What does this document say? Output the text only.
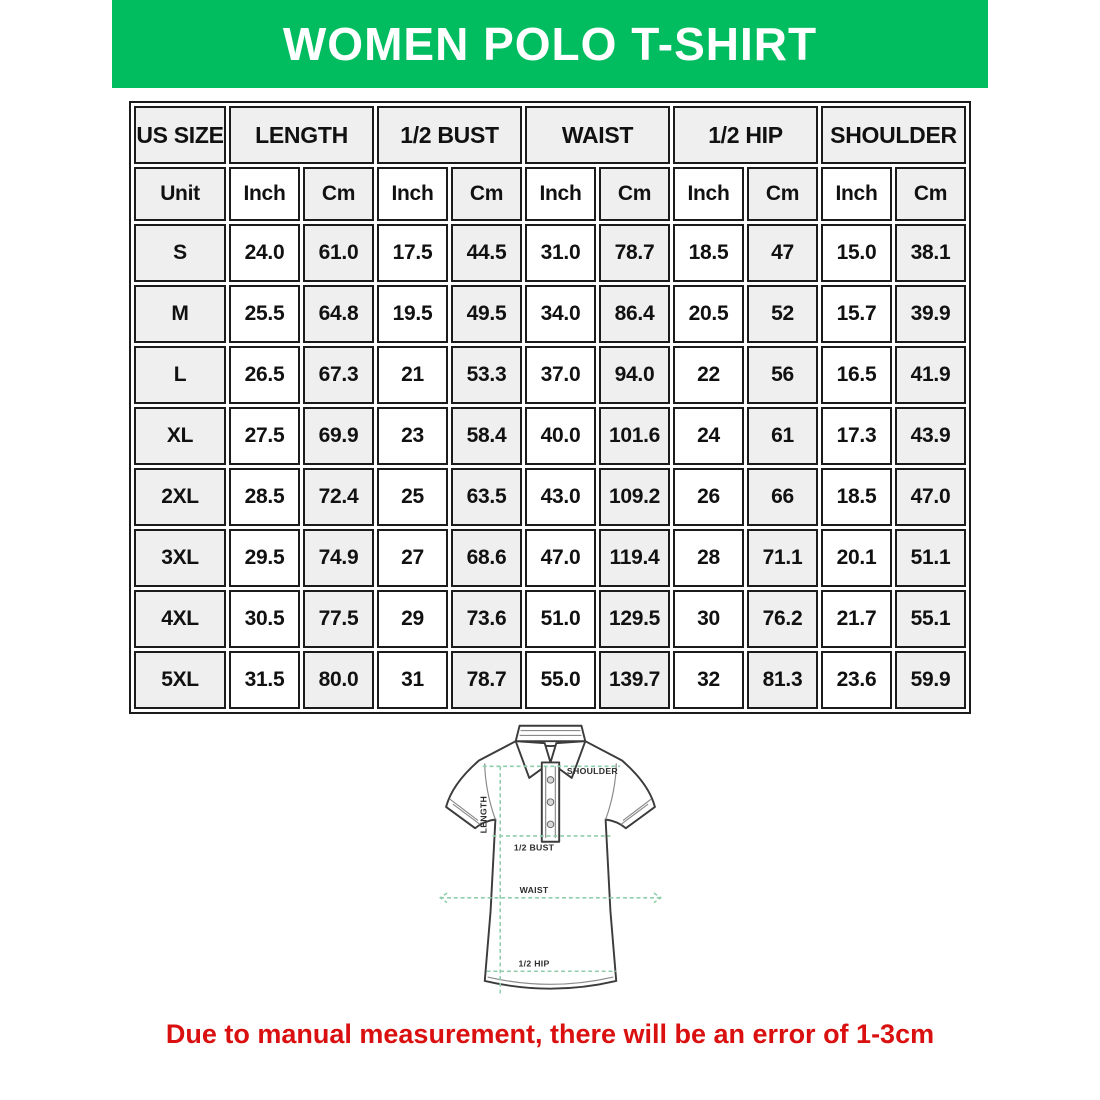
WOMEN POLO T-SHIRT
US SIZE	LENGTH		1/2 BUST		WAIST		1/2 HIP		SHOULDER	
Unit	Inch	Cm	Inch	Cm	Inch	Cm	Inch	Cm	Inch	Cm
S	24.0	61.0	17.5	44.5	31.0	78.7	18.5	47	15.0	38.1
M	25.5	64.8	19.5	49.5	34.0	86.4	20.5	52	15.7	39.9
L	26.5	67.3	21	53.3	37.0	94.0	22	56	16.5	41.9
XL	27.5	69.9	23	58.4	40.0	101.6	24	61	17.3	43.9
2XL	28.5	72.4	25	63.5	43.0	109.2	26	66	18.5	47.0
3XL	29.5	74.9	27	68.6	47.0	119.4	28	71.1	20.1	51.1
4XL	30.5	77.5	29	73.6	51.0	129.5	30	76.2	21.7	55.1
5XL	31.5	80.0	31	78.7	55.0	139.7	32	81.3	23.6	59.9
SHOULDER
LENGTH
1/2 BUST
WAIST
1/2 HIP

Due to manual measurement, there will be an error of 1-3cm
